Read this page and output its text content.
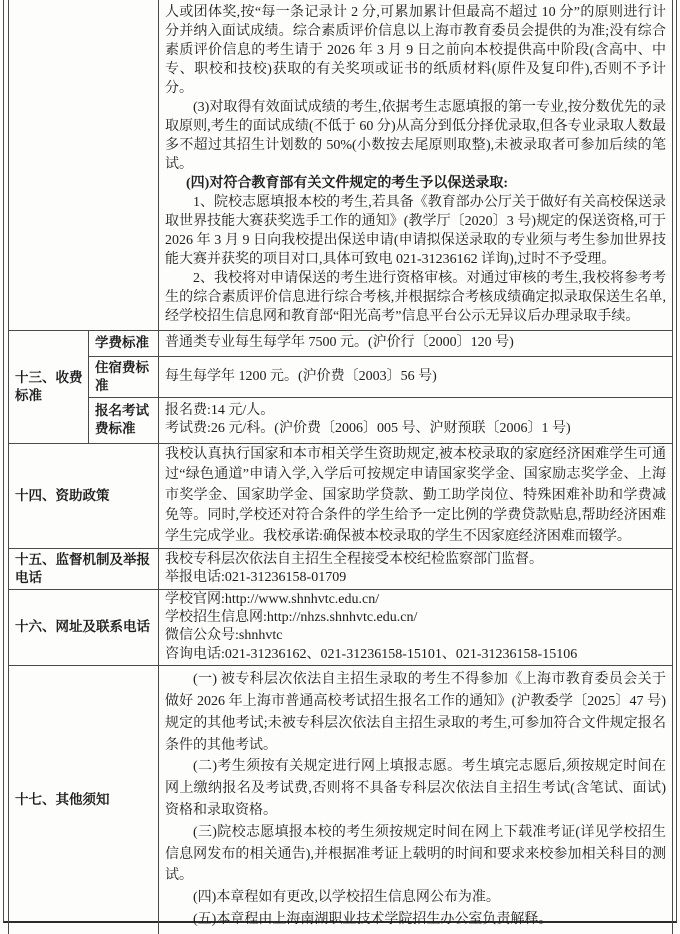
		人或团体奖,按“每一条记录计 2 分,可累加累计但最高不超过 10 分”的原则进行计分并纳入面试成绩。综合素质评价信息以上海市教育委员会提供的为准;没有综合素质评价信息的考生请于 2026 年 3 月 9 日之前向本校提供高中阶段(含高中、中专、职校和技校)获取的有关奖项或证书的纸质材料(原件及复印件),否则不予计分。

(3)对取得有效面试成绩的考生,依据考生志愿填报的第一专业,按分数优先的录取原则,考生的面试成绩(不低于 60 分)从高分到低分择优录取,但各专业录取人数最多不超过其招生计划数的 50%(小数按去尾原则取整),未被录取者可参加后续的笔试。

(四)对符合教育部有关文件规定的考生予以保送录取:

1、院校志愿填报本校的考生,若具备《教育部办公厅关于做好有关高校保送录取世界技能大赛获奖选手工作的通知》(教学厅〔2020〕3 号)规定的保送资格,可于 2026 年 3 月 9 日向我校提出保送申请(申请拟保送录取的专业须与考生参加世界技能大赛并获奖的项目对口,具体可致电 021-31236162 详询),过时不予受理。

2、我校将对申请保送的考生进行资格审核。对通过审核的考生,我校将参考考生的综合素质评价信息进行综合考核,并根据综合考核成绩确定拟录取保送生名单,经学校招生信息网和教育部“阳光高考”信息平台公示无异议后办理录取手续。

十三、收费标准	学费标准	普通类专业每生每学年 7500 元。(沪价行〔2000〕120 号)

	住宿费标准	每生每学年 1200 元。(沪价费〔2003〕56 号)

	报名考试费标准	报名费:14 元/人。

考试费:26 元/科。(沪价费〔2006〕005 号、沪财预联〔2006〕1 号)

十四、资助政策		我校认真执行国家和本市相关学生资助规定,被本校录取的家庭经济困难学生可通过“绿色通道”申请入学,入学后可按规定申请国家奖学金、国家励志奖学金、上海市奖学金、国家助学金、国家助学贷款、勤工助学岗位、特殊困难补助和学费减免等。同时,学校还对符合条件的学生给予一定比例的学费贷款贴息,帮助经济困难学生完成学业。我校承诺:确保被本校录取的学生不因家庭经济困难而辍学。

十五、监督机制及举报电话		我校专科层次依法自主招生全程接受本校纪检监察部门监督。

举报电话:021-31236158-01709

十六、网址及联系电话		学校官网:http://www.shnhvtc.edu.cn/

学校招生信息网:http://nhzs.shnhvtc.edu.cn/

微信公众号:shnhvtc

咨询电话:021-31236162、021-31236158-15101、021-31236158-15106

十七、其他须知		(一) 被专科层次依法自主招生录取的考生不得参加《上海市教育委员会关于做好 2026 年上海市普通高校考试招生报名工作的通知》(沪教委学〔2025〕47 号)规定的其他考试;未被专科层次依法自主招生录取的考生,可参加符合文件规定报名条件的其他考试。

(二)考生须按有关规定进行网上填报志愿。考生填完志愿后,须按规定时间在网上缴纳报名及考试费,否则将不具备专科层次依法自主招生考试(含笔试、面试)资格和录取资格。

(三)院校志愿填报本校的考生须按规定时间在网上下载准考证(详见学校招生信息网发布的相关通告),并根据准考证上载明的时间和要求来校参加相关科目的测试。

(四)本章程如有更改,以学校招生信息网公布为准。

(五)本章程由上海南湖职业技术学院招生办公室负责解释。
